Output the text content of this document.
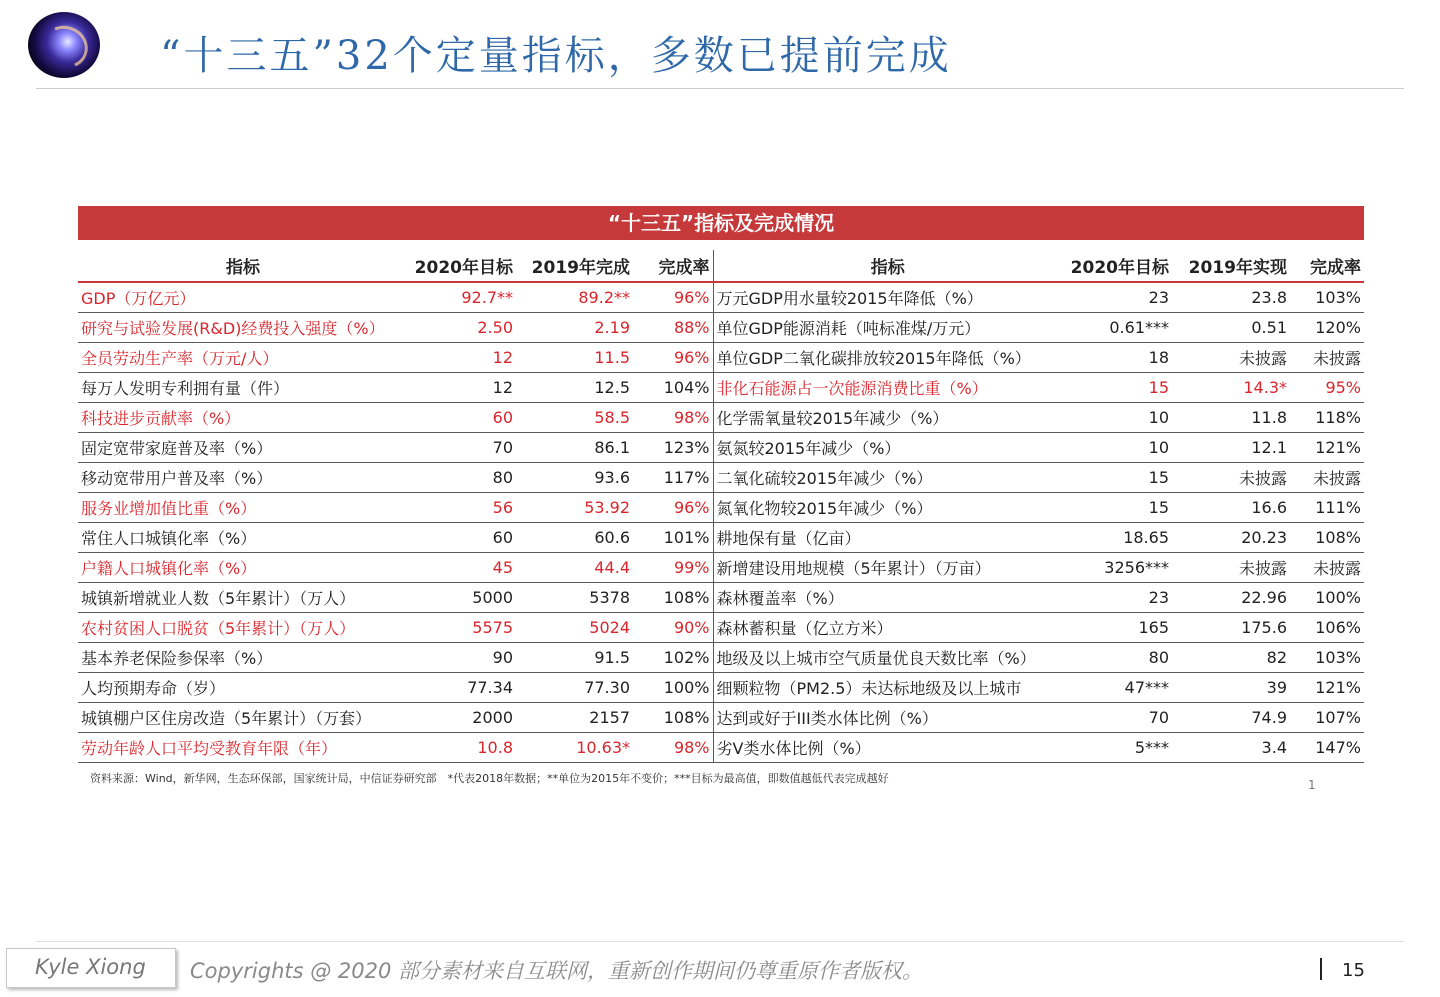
“十三五”32个定量指标，多数已提前完成
“十三五”指标及完成情况
指标	2020年目标	2019年完成	完成率	指标	2020年目标	2019年实现	完成率
GDP（万亿元）	92.7**	89.2**	96%	万元GDP用水量较2015年降低（%）	23	23.8	103%
研究与试验发展(R&D)经费投入强度（%）	2.50	2.19	88%	单位GDP能源消耗（吨标准煤/万元）	0.61***	0.51	120%
全员劳动生产率（万元/人）	12	11.5	96%	单位GDP二氧化碳排放较2015年降低（%）	18	未披露	未披露
每万人发明专利拥有量（件）	12	12.5	104%	非化石能源占一次能源消费比重（%）	15	14.3*	95%
科技进步贡献率（%）	60	58.5	98%	化学需氧量较2015年减少（%）	10	11.8	118%
固定宽带家庭普及率（%）	70	86.1	123%	氨氮较2015年减少（%）	10	12.1	121%
移动宽带用户普及率（%）	80	93.6	117%	二氧化硫较2015年减少（%）	15	未披露	未披露
服务业增加值比重（%）	56	53.92	96%	氮氧化物较2015年减少（%）	15	16.6	111%
常住人口城镇化率（%）	60	60.6	101%	耕地保有量（亿亩）	18.65	20.23	108%
户籍人口城镇化率（%）	45	44.4	99%	新增建设用地规模（5年累计）（万亩）	3256***	未披露	未披露
城镇新增就业人数（5年累计）（万人）	5000	5378	108%	森林覆盖率（%）	23	22.96	100%
农村贫困人口脱贫（5年累计）（万人）	5575	5024	90%	森林蓄积量（亿立方米）	165	175.6	106%
基本养老保险参保率（%）	90	91.5	102%	地级及以上城市空气质量优良天数比率（%）	80	82	103%
人均预期寿命（岁）	77.34	77.30	100%	细颗粒物（PM2.5）未达标地级及以上城市	47***	39	121%
城镇棚户区住房改造（5年累计）（万套）	2000	2157	108%	达到或好于III类水体比例（%）	70	74.9	107%
劳动年龄人口平均受教育年限（年）	10.8	10.63*	98%	劣V类水体比例（%）	5***	3.4	147%
资料来源：Wind，新华网，生态环保部，国家统计局，中信证券研究部　*代表2018年数据；**单位为2015年不变价；***目标为最高值，即数值越低代表完成越好	1
Kyle Xiong Copyrights @ 2020 部分素材来自互联网，重新创作期间仍尊重原作者版权。	15
